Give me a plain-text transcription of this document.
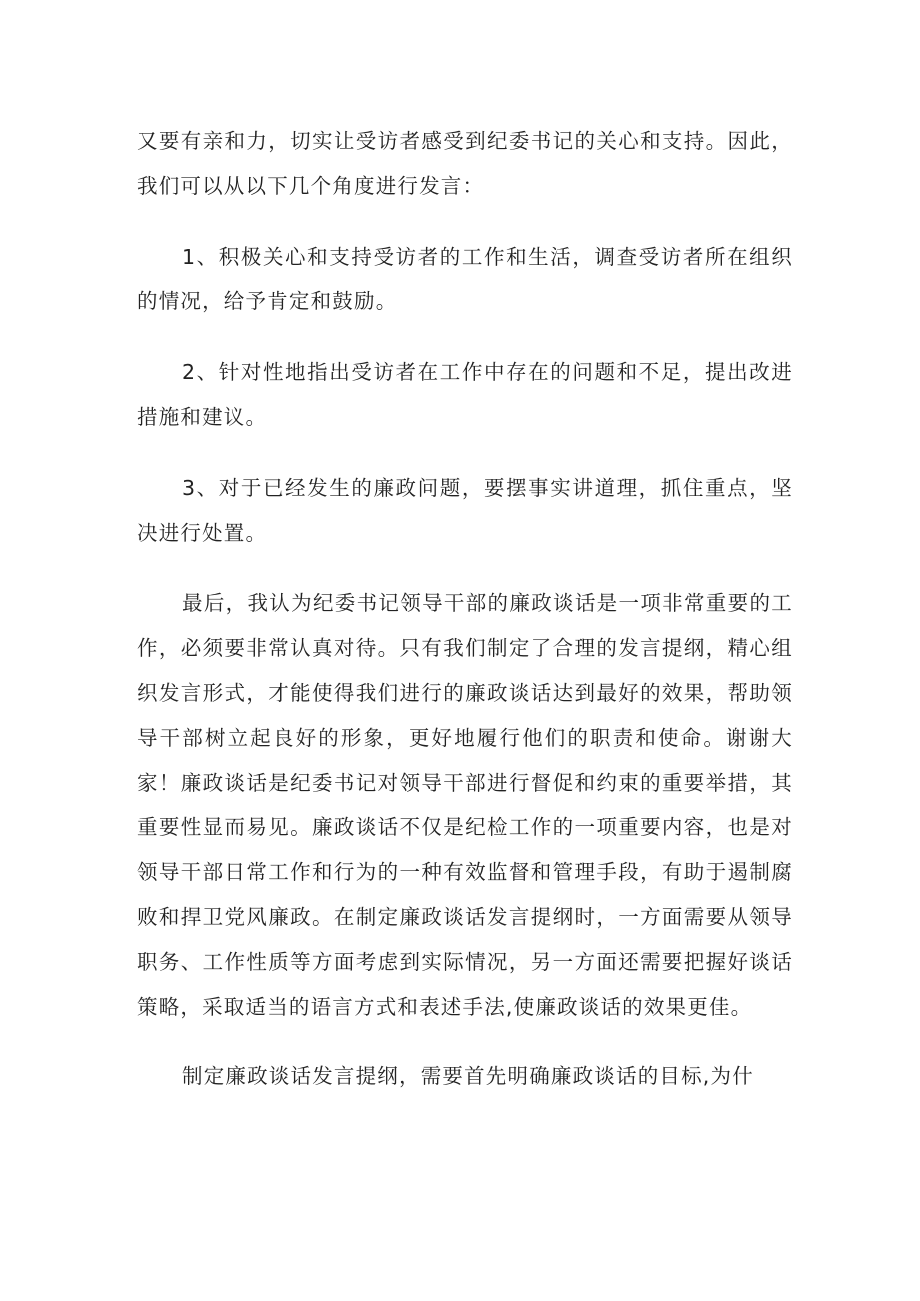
又要有亲和力，切实让受访者感受到纪委书记的关心和支持。因此，我们可以从以下几个角度进行发言：

1、积极关心和支持受访者的工作和生活，调查受访者所在组织的情况，给予肯定和鼓励。

2、针对性地指出受访者在工作中存在的问题和不足，提出改进措施和建议。

3、对于已经发生的廉政问题，要摆事实讲道理，抓住重点，坚决进行处置。

最后，我认为纪委书记领导干部的廉政谈话是一项非常重要的工作，必须要非常认真对待。只有我们制定了合理的发言提纲，精心组织发言形式，才能使得我们进行的廉政谈话达到最好的效果，帮助领导干部树立起良好的形象，更好地履行他们的职责和使命。谢谢大家！廉政谈话是纪委书记对领导干部进行督促和约束的重要举措，其重要性显而易见。廉政谈话不仅是纪检工作的一项重要内容，也是对领导干部日常工作和行为的一种有效监督和管理手段，有助于遏制腐败和捍卫党风廉政。在制定廉政谈话发言提纲时，一方面需要从领导职务、工作性质等方面考虑到实际情况，另一方面还需要把握好谈话策略，采取适当的语言方式和表述手法,使廉政谈话的效果更佳。

制定廉政谈话发言提纲，需要首先明确廉政谈话的目标,为什
